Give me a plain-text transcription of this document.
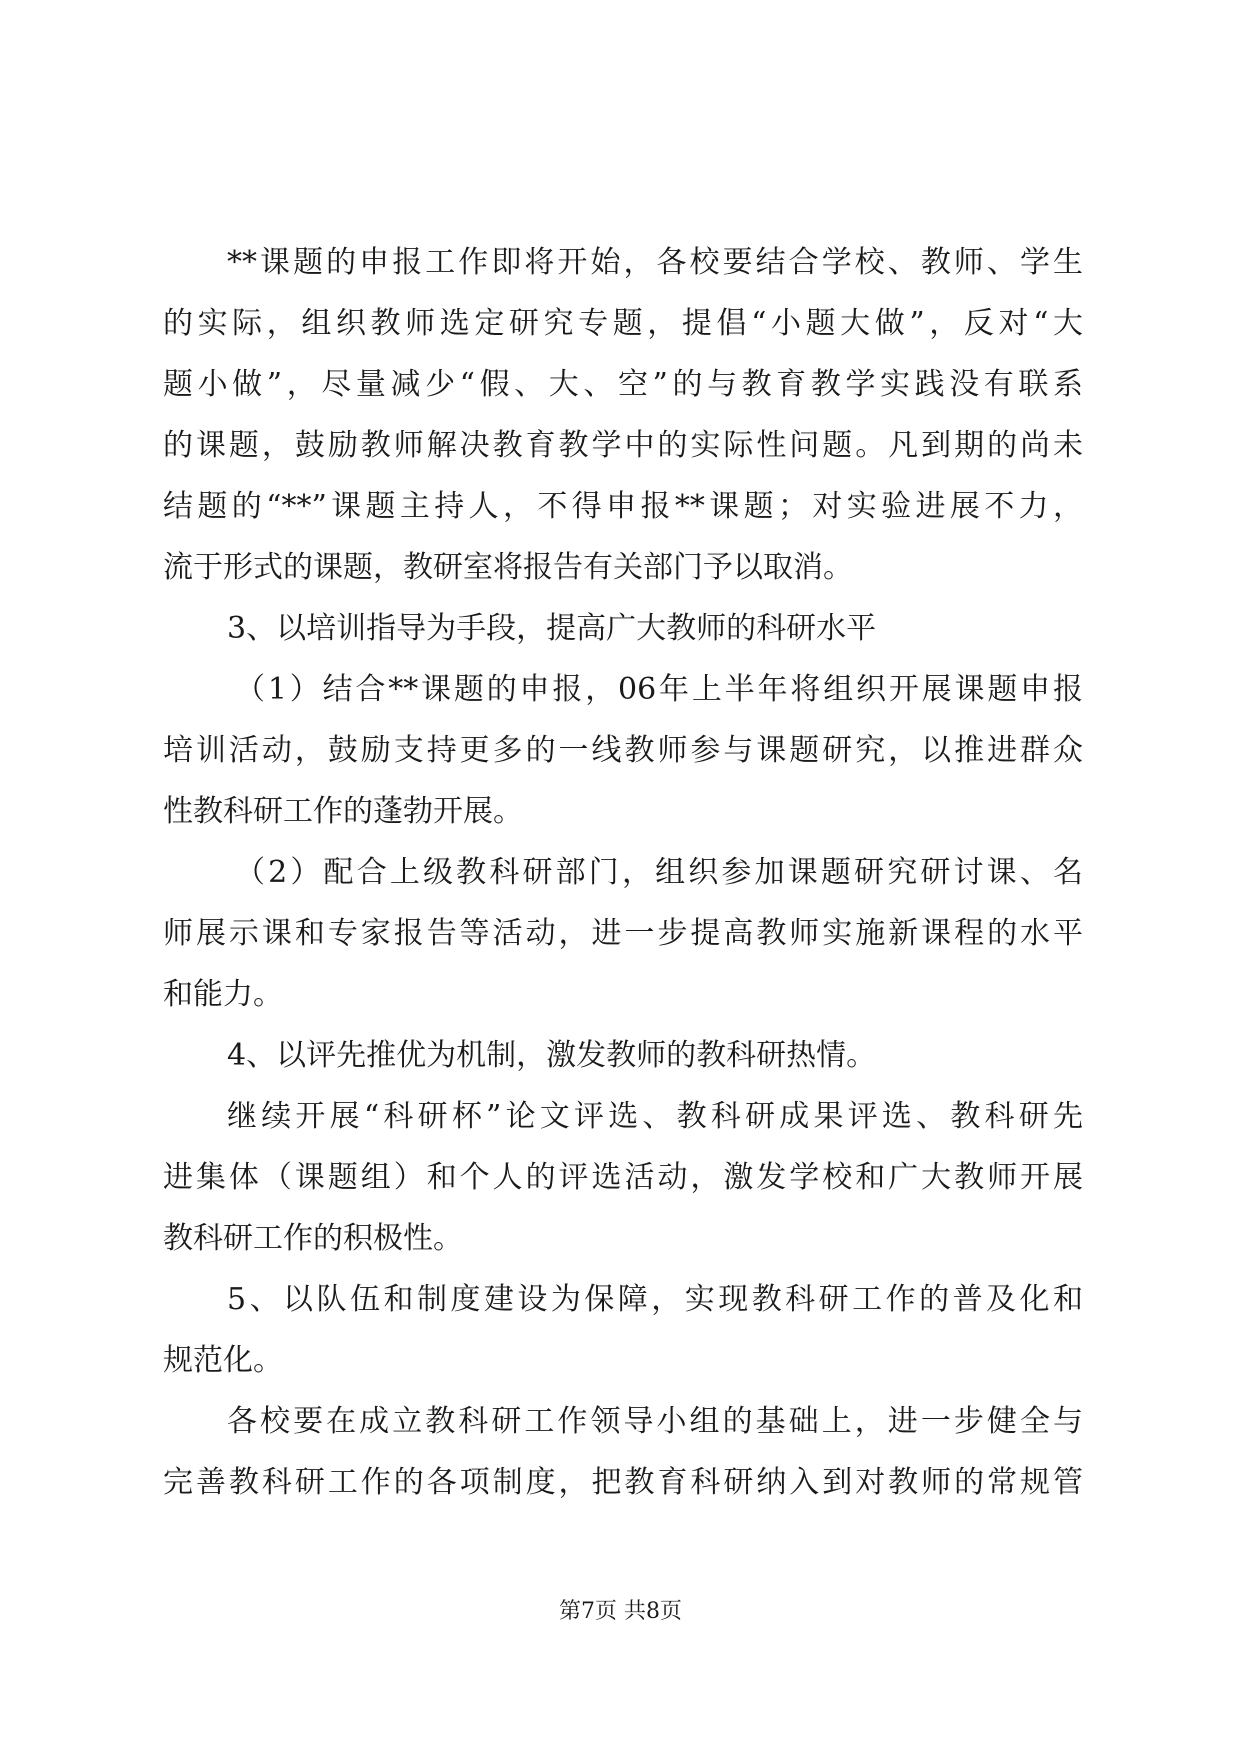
**课题的申报工作即将开始，各校要结合学校、教师、学生
的实际，组织教师选定研究专题，提倡“小题大做”，反对“大
题小做”，尽量减少“假、大、空”的与教育教学实践没有联系
的课题，鼓励教师解决教育教学中的实际性问题。凡到期的尚未
结题的“**”课题主持人，不得申报**课题；对实验进展不力，
流于形式的课题，教研室将报告有关部门予以取消。
3、以培训指导为手段，提高广大教师的科研水平
（1）结合**课题的申报，06年上半年将组织开展课题申报
培训活动，鼓励支持更多的一线教师参与课题研究，以推进群众
性教科研工作的蓬勃开展。
（2）配合上级教科研部门，组织参加课题研究研讨课、名
师展示课和专家报告等活动，进一步提高教师实施新课程的水平
和能力。
4、以评先推优为机制，激发教师的教科研热情。
继续开展“科研杯”论文评选、教科研成果评选、教科研先
进集体（课题组）和个人的评选活动，激发学校和广大教师开展
教科研工作的积极性。
5、以队伍和制度建设为保障，实现教科研工作的普及化和
规范化。
各校要在成立教科研工作领导小组的基础上，进一步健全与
完善教科研工作的各项制度，把教育科研纳入到对教师的常规管
第7页 共8页
